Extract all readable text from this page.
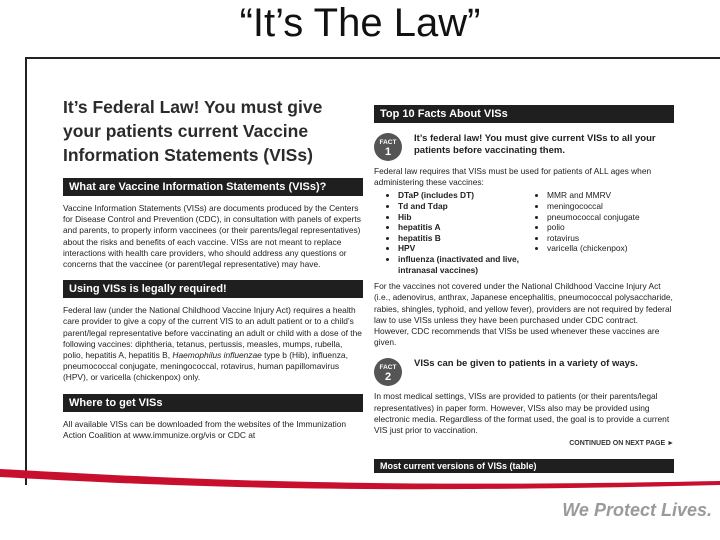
“It’s The Law”
It’s Federal Law! You must give your patients current Vaccine Information Statements (VISs)
What are Vaccine Information Statements (VISs)?
Vaccine Information Statements (VISs) are documents produced by the Centers for Disease Control and Prevention (CDC), in consultation with panels of experts and parents, to properly inform vaccinees (or their parents/legal representatives) about the risks and benefits of each vaccine. VISs are not meant to replace interactions with health care providers, who should address any questions or concerns that the vaccinee (or parent/legal representative) may have.
Using VISs is legally required!
Federal law (under the National Childhood Vaccine Injury Act) requires a health care provider to give a copy of the current VIS to an adult patient or to a child’s parent/legal representative before vaccinating an adult or child with a dose of the following vaccines: diphtheria, tetanus, pertussis, measles, mumps, rubella, polio, hepatitis A, hepatitis B, Haemophilus influenzae type b (Hib), influenza, pneumococcal conjugate, meningococcal, rotavirus, human papillomavirus (HPV), or varicella (chickenpox) only.
Where to get VISs
All available VISs can be downloaded from the websites of the Immunization Action Coalition at www.immunize.org/vis or CDC at
Top 10 Facts About VISs
FACT
1
It’s federal law! You must give current VISs to all your patients before vaccinating them.
Federal law requires that VISs must be used for patients of ALL ages when administering these vaccines:
• DTaP (includes DT)
• Td and Tdap
• Hib
• hepatitis A
• hepatitis B
• HPV
• influenza (inactivated and live, intranasal vaccines)
• MMR and MMRV
• meningococcal
• pneumococcal conjugate
• polio
• rotavirus
• varicella (chickenpox)
For the vaccines not covered under the National Childhood Vaccine Injury Act (i.e., adenovirus, anthrax, Japanese encephalitis, pneumococcal polysaccharide, rabies, shingles, typhoid, and yellow fever), providers are not required by federal law to use VISs unless they have been purchased under CDC contract. However, CDC recommends that VISs be used whenever these vaccines are given.
FACT
2
VISs can be given to patients in a variety of ways.
In most medical settings, VISs are provided to patients (or their parents/legal representatives) in paper form. However, VISs also may be provided using electronic media. Regardless of the format used, the goal is to provide a current VIS just prior to vaccination.
CONTINUED ON NEXT PAGE ►
Most current versions of VISs (table)
We Protect Lives.
